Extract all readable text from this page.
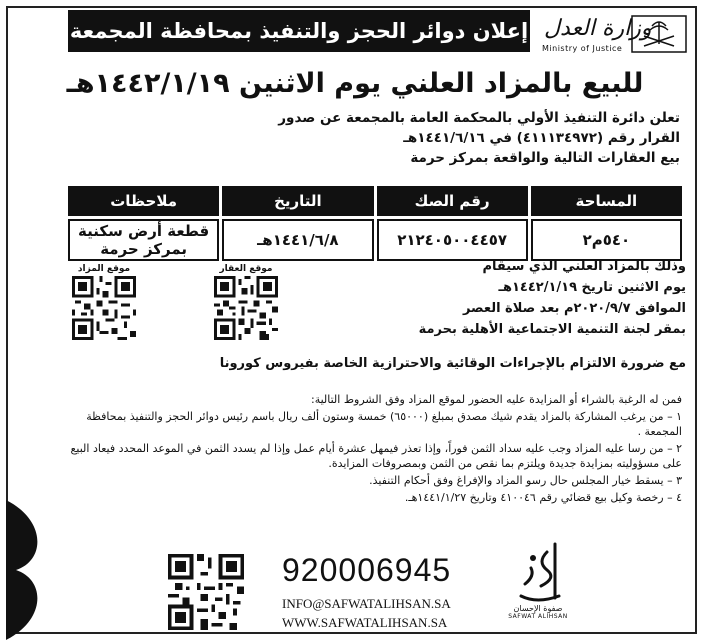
وزارة العدل
Ministry of Justice
إعلان دوائر الحجز والتنفيذ بمحافظة المجمعة
للبيع بالمزاد العلني يوم الاثنين ١٤٤٢/١/١٩هـ

تعلن دائرة التنفيذ الأولي بالمحكمة العامة بالمجمعة عن صدور

القرار رقم (٤١١١٣٤٩٧٢) في ١٤٤١/٦/١٦هـ

بيع العقارات التالية والواقعة بمركز حرمة

المساحة	رقم الصك	التاريخ	ملاحظات
٥٤٠م٢	٢١٢٤٠٥٠٠٤٤٥٧	١٤٤١/٦/٨هـ	قطعة أرض سكنية بمركز حرمة
موقع العقار
موقع المزاد	وذلك بالمزاد العلني الذي سيقام

يوم الاثنين تاريخ ١٤٤٢/١/١٩هـ

الموافق ٢٠٢٠/٩/٧م بعد صلاة العصر

بمقر لجنة التنمية الاجتماعية الأهلية بحرمة

مع ضرورة الالتزام بالإجراءات الوقائية والاحترازية الخاصة بفيروس كورونا

فمن له الرغبة بالشراء أو المزايدة عليه الحضور لموقع المزاد وفق الشروط التالية:

١ – من يرغب المشاركة بالمزاد يقدم شيك مصدق بمبلغ (٦٥٠٠٠) خمسة وستون ألف ريال باسم رئيس دوائر الحجز والتنفيذ بمحافظة المجمعة .

٢ – من رسا عليه المزاد وجب عليه سداد الثمن فوراً، وإذا تعذر فيمهل عشرة أيام عمل وإذا لم يسدد الثمن في الموعد المحدد فيعاد البيع على مسؤوليته بمزايدة جديدة ويلتزم بما نقص من الثمن وبمصروفات المزايدة.

٣ – يسقط خيار المجلس حال رسو المزاد والإفراغ وفق أحكام التنفيذ.

٤ – رخصة وكيل بيع قضائي رقم ٤١٠٠٤٦ وتاريخ ١٤٤١/١/٢٧هـ.

920006945
INFO@SAFWATALIHSAN.SA
WWW.SAFWATALIHSAN.SA
صفوة الإحسان
SAFWAT ALIHSAN
